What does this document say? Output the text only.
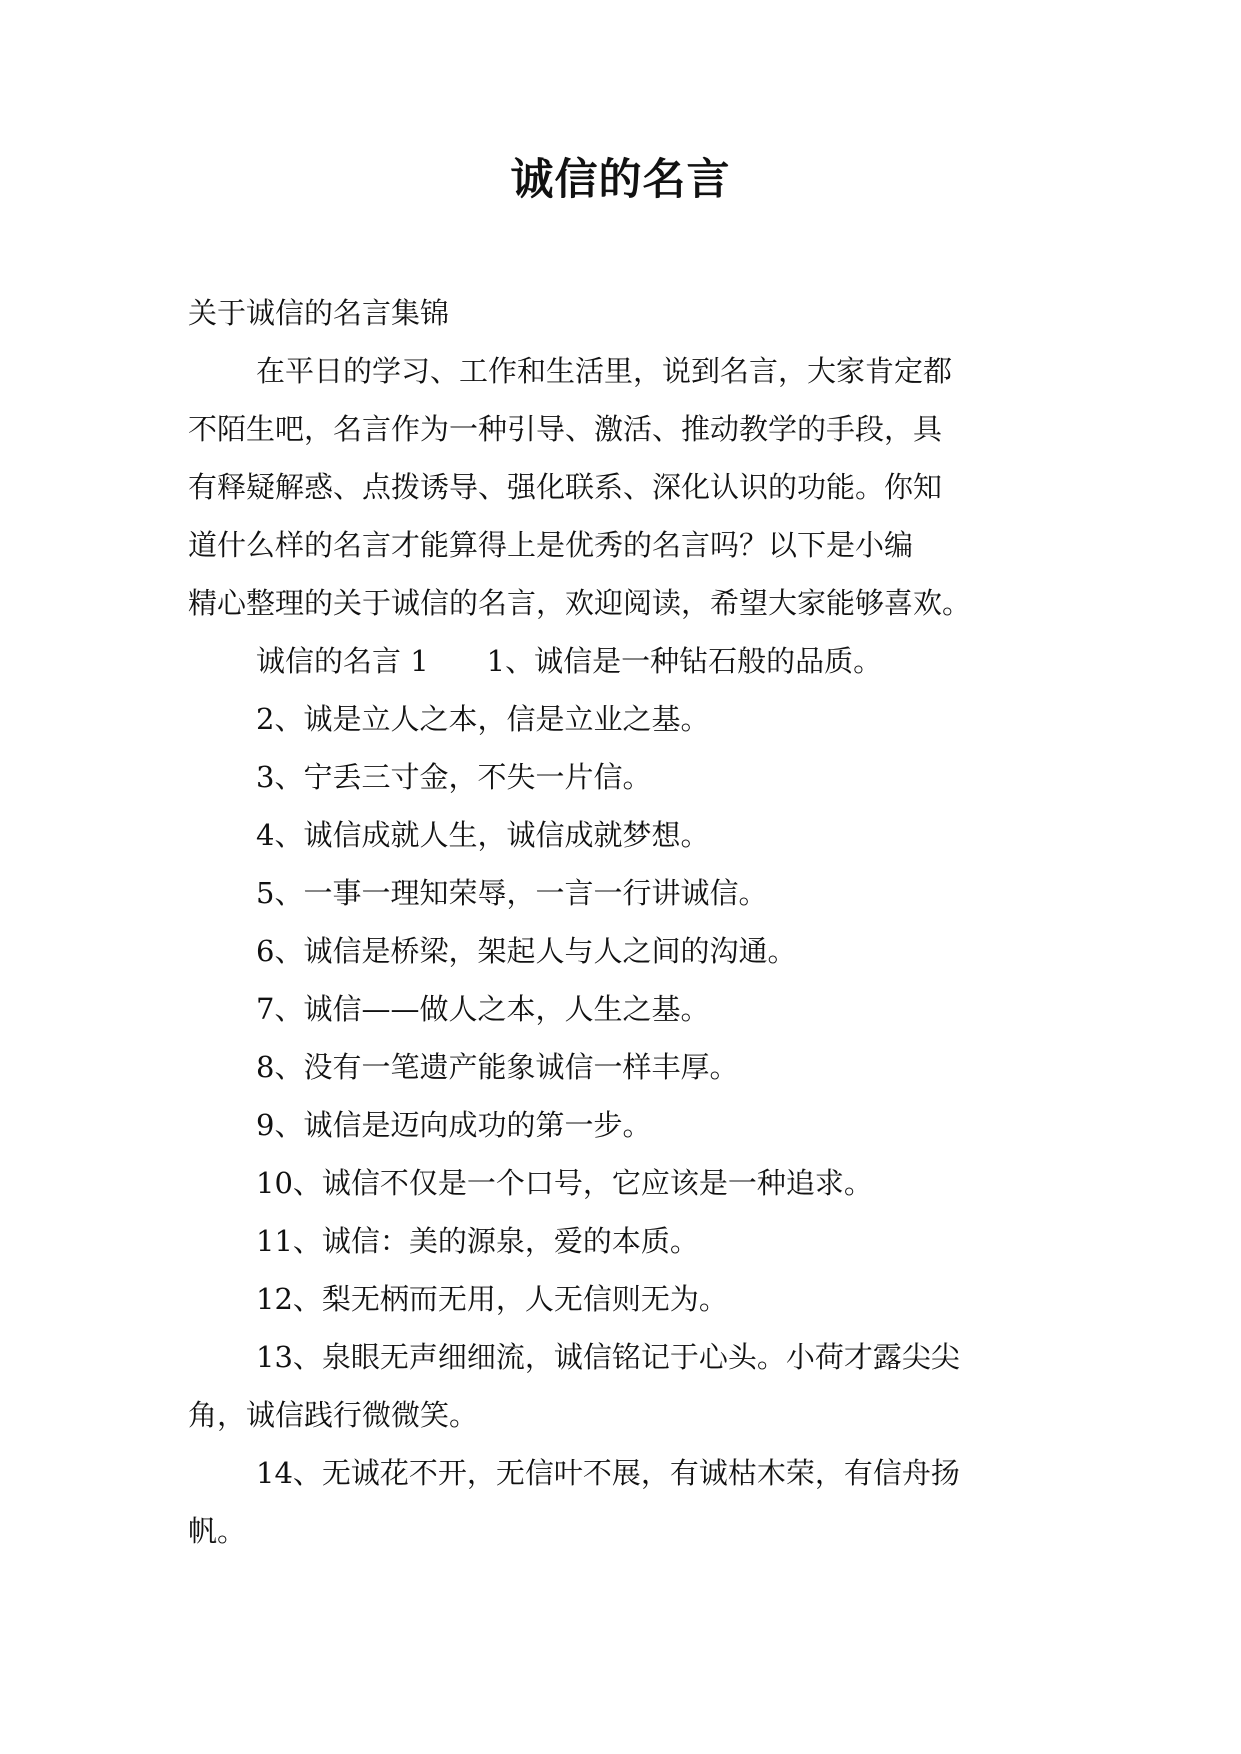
诚信的名言
关于诚信的名言集锦
在平日的学习、工作和生活里，说到名言，大家肯定都
不陌生吧，名言作为一种引导、激活、推动教学的手段，具
有释疑解惑、点拨诱导、强化联系、深化认识的功能。你知
道什么样的名言才能算得上是优秀的名言吗？以下是小编
精心整理的关于诚信的名言，欢迎阅读，希望大家能够喜欢。
诚信的名言 1 1、诚信是一种钻石般的品质。
2、诚是立人之本，信是立业之基。
3、宁丢三寸金，不失一片信。
4、诚信成就人生，诚信成就梦想。
5、一事一理知荣辱，一言一行讲诚信。
6、诚信是桥梁，架起人与人之间的沟通。
7、诚信——做人之本，人生之基。
8、没有一笔遗产能象诚信一样丰厚。
9、诚信是迈向成功的第一步。
10、诚信不仅是一个口号，它应该是一种追求。
11、诚信：美的源泉，爱的本质。
12、梨无柄而无用，人无信则无为。
13、泉眼无声细细流，诚信铭记于心头。小荷才露尖尖
角，诚信践行微微笑。
14、无诚花不开，无信叶不展，有诚枯木荣，有信舟扬
帆。
